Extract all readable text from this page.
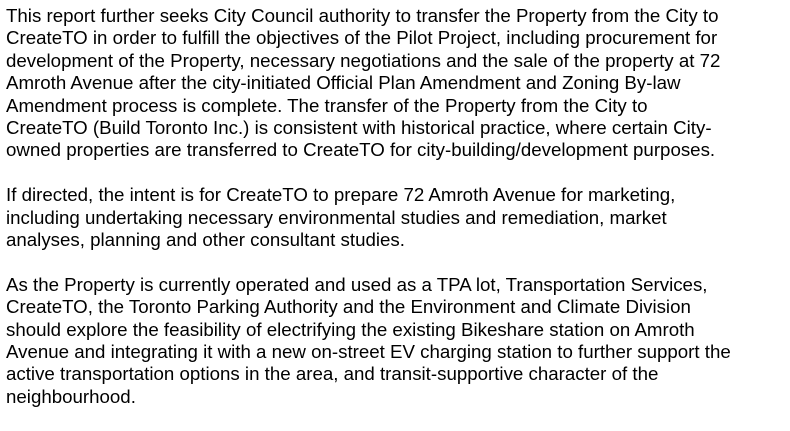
This report further seeks City Council authority to transfer the Property from the City to
CreateTO in order to fulfill the objectives of the Pilot Project, including procurement for
development of the Property, necessary negotiations and the sale of the property at 72
Amroth Avenue after the city-initiated Official Plan Amendment and Zoning By-law
Amendment process is complete. The transfer of the Property from the City to
CreateTO (Build Toronto Inc.) is consistent with historical practice, where certain City-
owned properties are transferred to CreateTO for city-building/development purposes.

If directed, the intent is for CreateTO to prepare 72 Amroth Avenue for marketing,
including undertaking necessary environmental studies and remediation, market
analyses, planning and other consultant studies.

As the Property is currently operated and used as a TPA lot, Transportation Services,
CreateTO, the Toronto Parking Authority and the Environment and Climate Division
should explore the feasibility of electrifying the existing Bikeshare station on Amroth
Avenue and integrating it with a new on-street EV charging station to further support the
active transportation options in the area, and transit-supportive character of the
neighbourhood.
